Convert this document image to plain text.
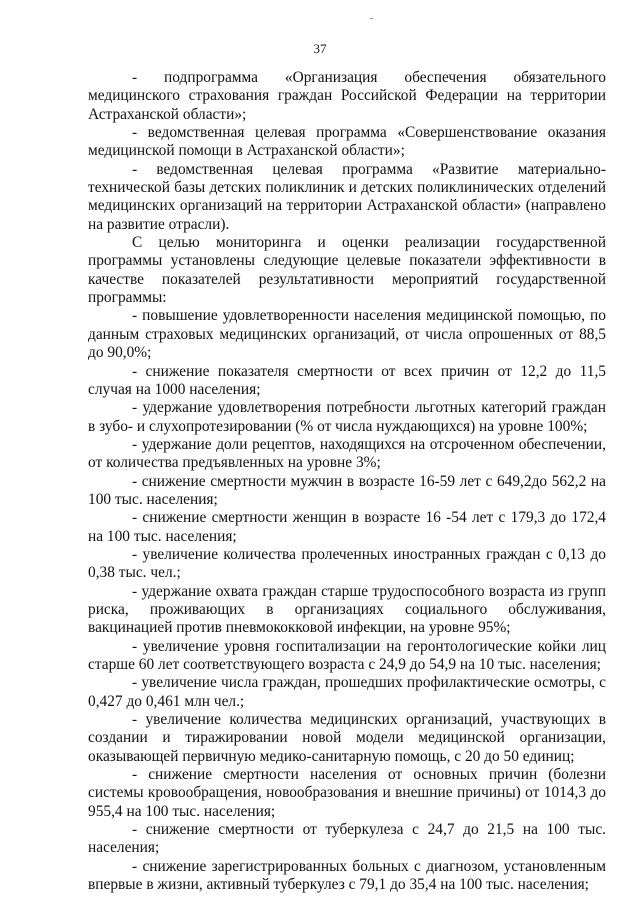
37

- подпрограмма «Организация обеспечения обязательного медицинского страхования граждан Российской Федерации на территории Астраханской области»;

- ведомственная целевая программа «Совершенствование оказания медицинской помощи в Астраханской области»;

- ведомственная целевая программа «Развитие материально-технической базы детских поликлиник и детских поликлинических отделений медицинских организаций на территории Астраханской области» (направлено на развитие отрасли).

С целью мониторинга и оценки реализации государственной программы установлены следующие целевые показатели эффективности в качестве показателей результативности мероприятий государственной программы:

- повышение удовлетворенности населения медицинской помощью, по данным страховых медицинских организаций, от числа опрошенных от 88,5 до 90,0%;

- снижение показателя смертности от всех причин от 12,2 до 11,5 случая на 1000 населения;

- удержание удовлетворения потребности льготных категорий граждан в зубо- и слухопротезировании (% от числа нуждающихся) на уровне 100%;

- удержание доли рецептов, находящихся на отсроченном обеспечении, от количества предъявленных на уровне 3%;

- снижение смертности мужчин в возрасте 16-59 лет с 649,2до 562,2 на 100 тыс. населения;

- снижение смертности женщин в возрасте 16 -54 лет с 179,3 до 172,4 на 100 тыс. населения;

- увеличение количества пролеченных иностранных граждан с 0,13 до 0,38 тыс. чел.;

- удержание охвата граждан старше трудоспособного возраста из групп риска, проживающих в организациях социального обслуживания, вакцинацией против пневмококковой инфекции, на уровне 95%;

- увеличение уровня госпитализации на геронтологические койки лиц старше 60 лет соответствующего возраста с 24,9 до 54,9 на 10 тыс. населения;

- увеличение числа граждан, прошедших профилактические осмотры, с 0,427 до 0,461 млн чел.;

- увеличение количества медицинских организаций, участвующих в создании и тиражировании новой модели медицинской организации, оказывающей первичную медико-санитарную помощь, с 20 до 50 единиц;

- снижение смертности населения от основных причин (болезни системы кровообращения, новообразования и внешние причины) от 1014,3 до 955,4 на 100 тыс. населения;

- снижение смертности от туберкулеза с 24,7 до 21,5 на 100 тыс. населения;

- снижение зарегистрированных больных с диагнозом, установленным впервые в жизни, активный туберкулез с 79,1 до 35,4 на 100 тыс. населения;
